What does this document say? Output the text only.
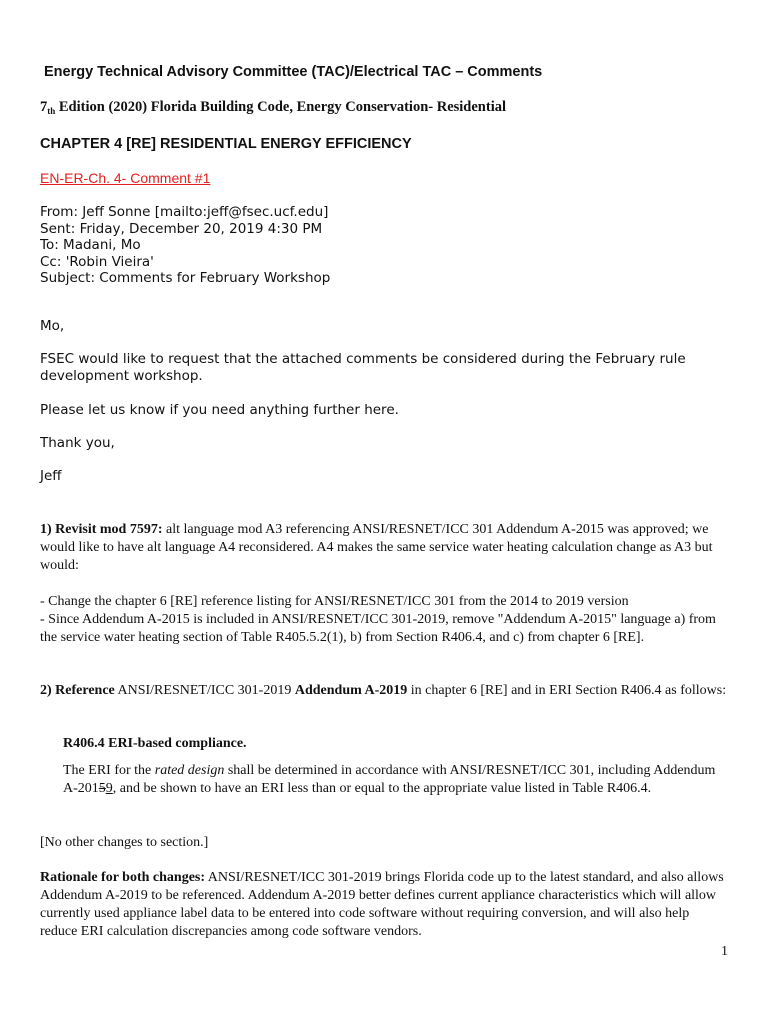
Energy Technical Advisory Committee (TAC)/Electrical TAC – Comments
7th Edition (2020) Florida Building Code, Energy Conservation- Residential
CHAPTER 4 [RE] RESIDENTIAL ENERGY EFFICIENCY
EN-ER-Ch. 4- Comment #1
From: Jeff Sonne [mailto:jeff@fsec.ucf.edu]
Sent: Friday, December 20, 2019 4:30 PM
To: Madani, Mo
Cc: 'Robin Vieira'
Subject: Comments for February Workshop
Mo,
FSEC would like to request that the attached comments be considered during the February rule development workshop.
Please let us know if you need anything further here.
Thank you,
Jeff
1) Revisit mod 7597: alt language mod A3 referencing ANSI/RESNET/ICC 301 Addendum A-2015 was approved; we would like to have alt language A4 reconsidered. A4 makes the same service water heating calculation change as A3 but would:
- Change the chapter 6 [RE] reference listing for ANSI/RESNET/ICC 301 from the 2014 to 2019 version
- Since Addendum A-2015 is included in ANSI/RESNET/ICC 301-2019, remove "Addendum A-2015" language a) from the service water heating section of Table R405.5.2(1), b) from Section R406.4, and c) from chapter 6 [RE].
2) Reference ANSI/RESNET/ICC 301-2019 Addendum A-2019 in chapter 6 [RE] and in ERI Section R406.4 as follows:
R406.4 ERI-based compliance.
The ERI for the rated design shall be determined in accordance with ANSI/RESNET/ICC 301, including Addendum A-20159, and be shown to have an ERI less than or equal to the appropriate value listed in Table R406.4.
[No other changes to section.]
Rationale for both changes: ANSI/RESNET/ICC 301-2019 brings Florida code up to the latest standard, and also allows Addendum A-2019 to be referenced. Addendum A-2019 better defines current appliance characteristics which will allow currently used appliance label data to be entered into code software without requiring conversion, and will also help reduce ERI calculation discrepancies among code software vendors.
1
